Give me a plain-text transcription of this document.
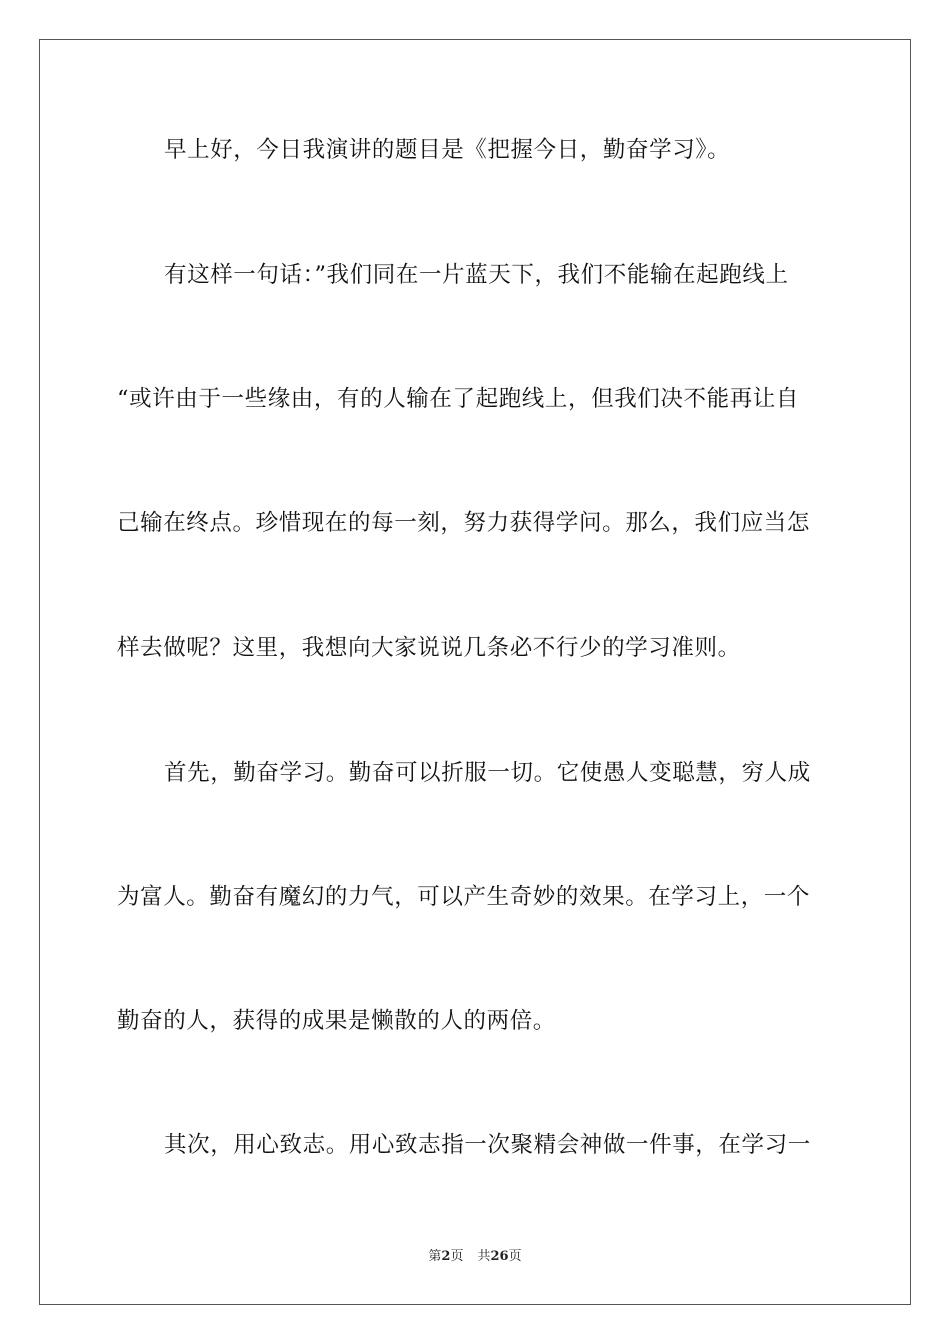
早上好，今日我演讲的题目是《把握今日，勤奋学习》。
有这样一句话：”我们同在一片蓝天下，我们不能输在起跑线上
“或许由于一些缘由，有的人输在了起跑线上，但我们决不能再让自
己输在终点。珍惜现在的每一刻，努力获得学问。那么，我们应当怎
样去做呢？这里，我想向大家说说几条必不行少的学习准则。
首先，勤奋学习。勤奋可以折服一切。它使愚人变聪慧，穷人成
为富人。勤奋有魔幻的力气，可以产生奇妙的效果。在学习上，一个
勤奋的人，获得的成果是懒散的人的两倍。
其次，用心致志。用心致志指一次聚精会神做一件事，在学习一
第2页 共26页
